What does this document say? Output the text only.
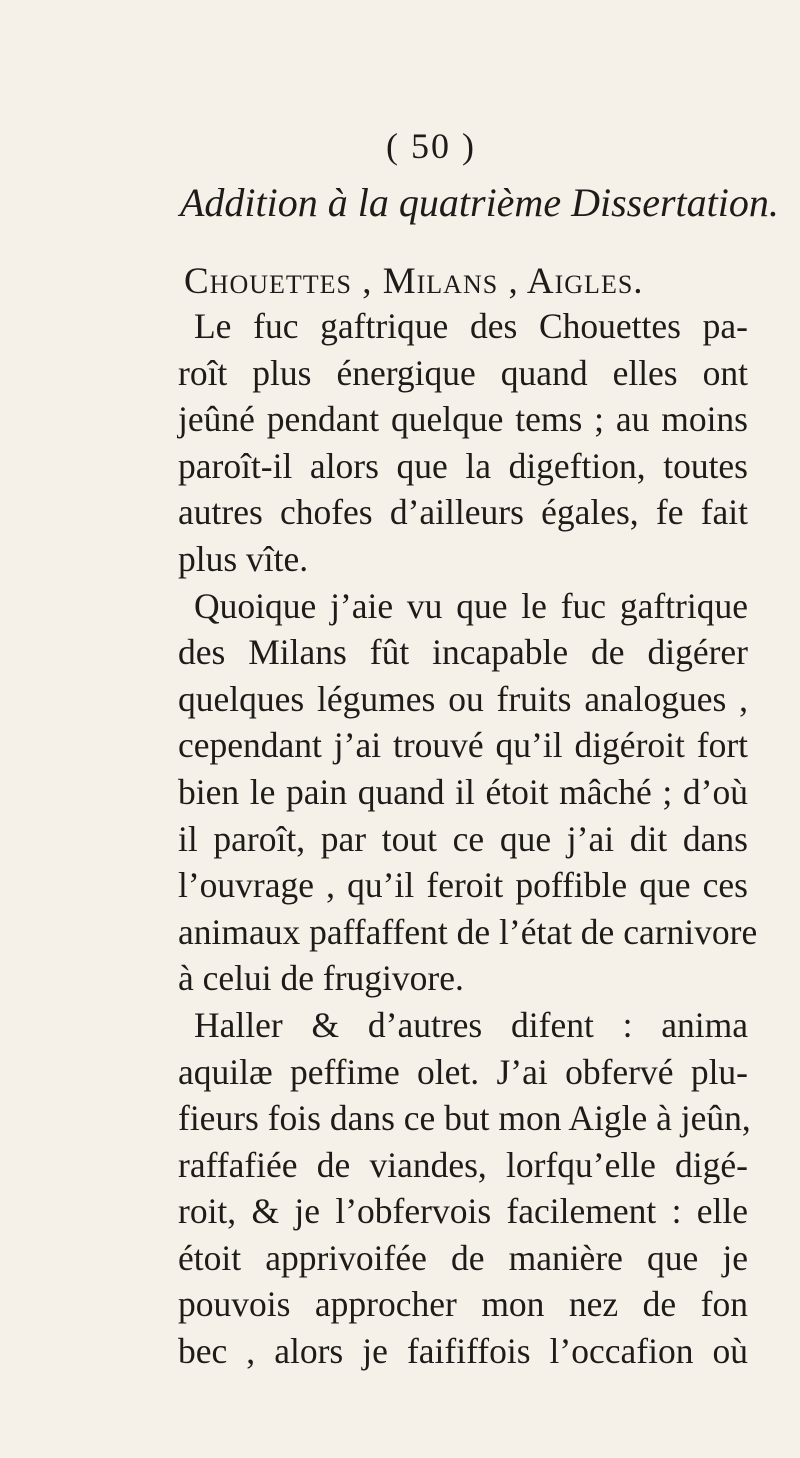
( 50 )
Addition à la quatrième Dissertation.
Chouettes , Milans , Aigles.
Le fuc gaftrique des Chouettes pa-
roît plus énergique quand elles ont
jeûné pendant quelque tems ; au moins
paroît-il alors que la digeftion, toutes
autres chofes d’ailleurs égales, fe fait
plus vîte.
Quoique j’aie vu que le fuc gaftrique
des Milans fût incapable de digérer
quelques légumes ou fruits analogues ,
cependant j’ai trouvé qu’il digéroit fort
bien le pain quand il étoit mâché ; d’où
il paroît, par tout ce que j’ai dit dans
l’ouvrage , qu’il feroit poffible que ces
animaux paffaffent de l’état de carnivore
à celui de frugivore.
Haller & d’autres difent : anima
aquilæ peffime olet. J’ai obfervé plu-
fieurs fois dans ce but mon Aigle à jeûn,
raffafiée de viandes, lorfqu’elle digé-
roit, & je l’obfervois facilement : elle
étoit apprivoifée de manière que je
pouvois approcher mon nez de fon
bec , alors je faififfois l’occafion où
